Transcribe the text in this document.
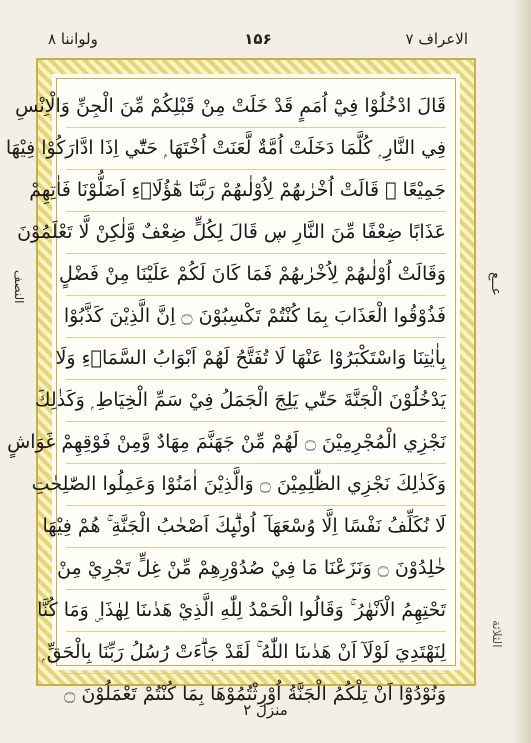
ولواننا ۸	۱۵۶	الاعراف ۷
قَالَ ادْخُلُوْا فِيْٓ اُمَمٍ قَدْ خَلَتْ مِنْ قَبْلِكُمْ مِّنَ الْجِنِّ وَالْاِنْسِ
فِي النَّارِ ۭ كُلَّمَا دَخَلَتْ اُمَّةٌ لَّعَنَتْ اُخْتَهَا ۭ حَتّٰٓي اِذَا ادَّارَكُوْا فِيْهَا
جَمِيْعًا ۙ قَالَتْ اُخْرٰىهُمْ لِاُوْلٰىهُمْ رَبَّنَا هٰٓؤُلَاۗءِ اَضَلُّوْنَا فَاٰتِهِمْ
عَذَابًا ضِعْفًا مِّنَ النَّارِ ڛ قَالَ لِكُلٍّ ضِعْفٌ وَّلٰكِنْ لَّا تَعْلَمُوْنَ
وَقَالَتْ اُوْلٰىهُمْ لِاُخْرٰىهُمْ فَمَا كَانَ لَكُمْ عَلَيْنَا مِنْ فَضْلٍ
فَذُوْقُوا الْعَذَابَ بِمَا كُنْتُمْ تَكْسِبُوْنَ ۝ اِنَّ الَّذِيْنَ كَذَّبُوْا
بِاٰيٰتِنَا وَاسْتَكْبَرُوْا عَنْهَا لَا تُفَتَّحُ لَهُمْ اَبْوَابُ السَّمَاۗءِ وَلَا
يَدْخُلُوْنَ الْجَنَّةَ حَتّٰي يَلِجَ الْجَمَلُ فِيْ سَمِّ الْخِيَاطِ ۭ وَكَذٰلِكَ
نَجْزِي الْمُجْرِمِيْنَ ۝ لَهُمْ مِّنْ جَهَنَّمَ مِهَادٌ وَّمِنْ فَوْقِهِمْ غَوَاشٍ
وَكَذٰلِكَ نَجْزِي الظّٰلِمِيْنَ ۝ وَالَّذِيْنَ اٰمَنُوْا وَعَمِلُوا الصّٰلِحٰتِ
لَا نُكَلِّفُ نَفْسًا اِلَّا وُسْعَهَآ ۡ اُولٰۗىِٕكَ اَصْحٰبُ الْجَنَّةِ ۚ هُمْ فِيْهَا
خٰلِدُوْنَ ۝ وَنَزَعْنَا مَا فِيْ صُدُوْرِهِمْ مِّنْ غِلٍّ تَجْرِيْ مِنْ
تَحْتِهِمُ الْاَنْھٰرُ ۚ وَقَالُوا الْحَمْدُ لِلّٰهِ الَّذِيْ هَدٰىنَا لِھٰذَا ۣ وَمَا كُنَّا
لِنَهْتَدِيَ لَوْلَآ اَنْ هَدٰىنَا اللّٰهُ ۚ لَقَدْ جَاۗءَتْ رُسُلُ رَبِّنَا بِالْحَقِّ ۭ
وَنُوْدُوْٓا اَنْ تِلْكُمُ الْجَنَّةُ اُوْرِثْتُمُوْهَا بِمَا كُنْتُمْ تَعْمَلُوْنَ ۝
النصف	عــع
الثلاثة
منزل ۲
